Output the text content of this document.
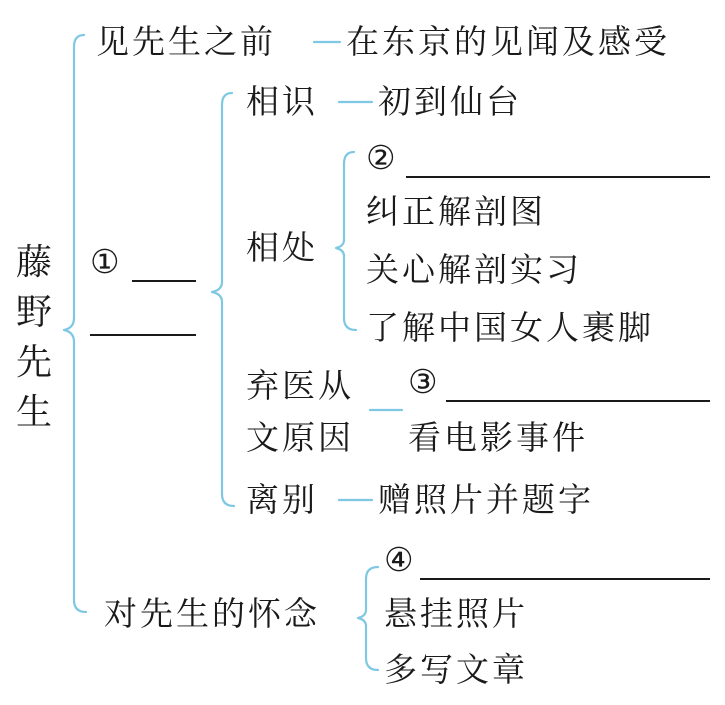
藤野先生
见先生之前 在东京的见闻及感受
①
相识 初到仙台
相处
②
纠正解剖图
关心解剖实习
了解中国女人裹脚
弃医从
文原因
③
看电影事件
离别 赠照片并题字
对先生的怀念
④
悬挂照片
多写文章
